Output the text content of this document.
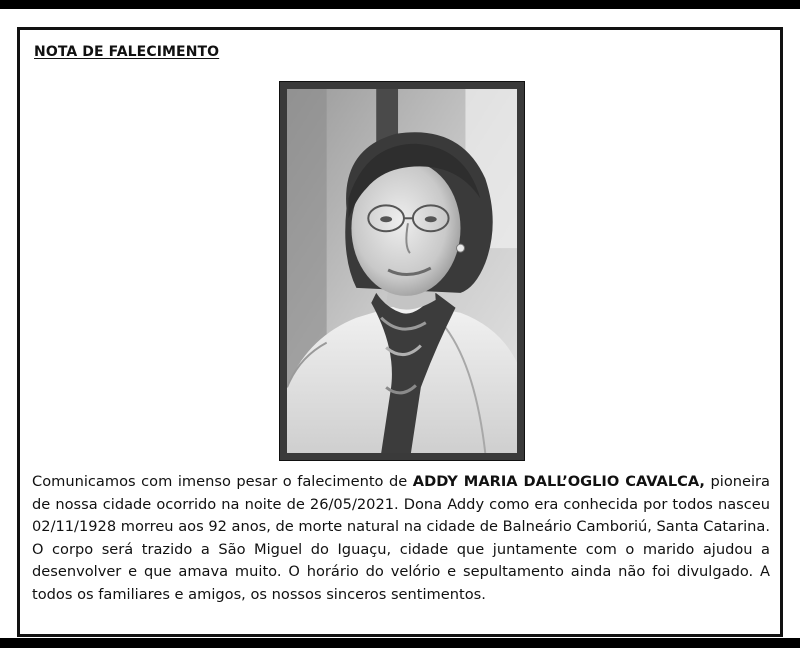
NOTA DE FALECIMENTO

Comunicamos com imenso pesar o falecimento de ADDY MARIA DALL’OGLIO CAVALCA, pioneira de nossa cidade ocorrido na noite de 26/05/2021. Dona Addy como era conhecida por todos nasceu 02/11/1928 morreu aos 92 anos, de morte natural na cidade de Balneário Camboriú, Santa Catarina. O corpo será trazido a São Miguel do Iguaçu, cidade que juntamente com o marido ajudou a desenvolver e que amava muito. O horário do velório e sepultamento ainda não foi divulgado. A todos os familiares e amigos, os nossos sinceros sentimentos.
